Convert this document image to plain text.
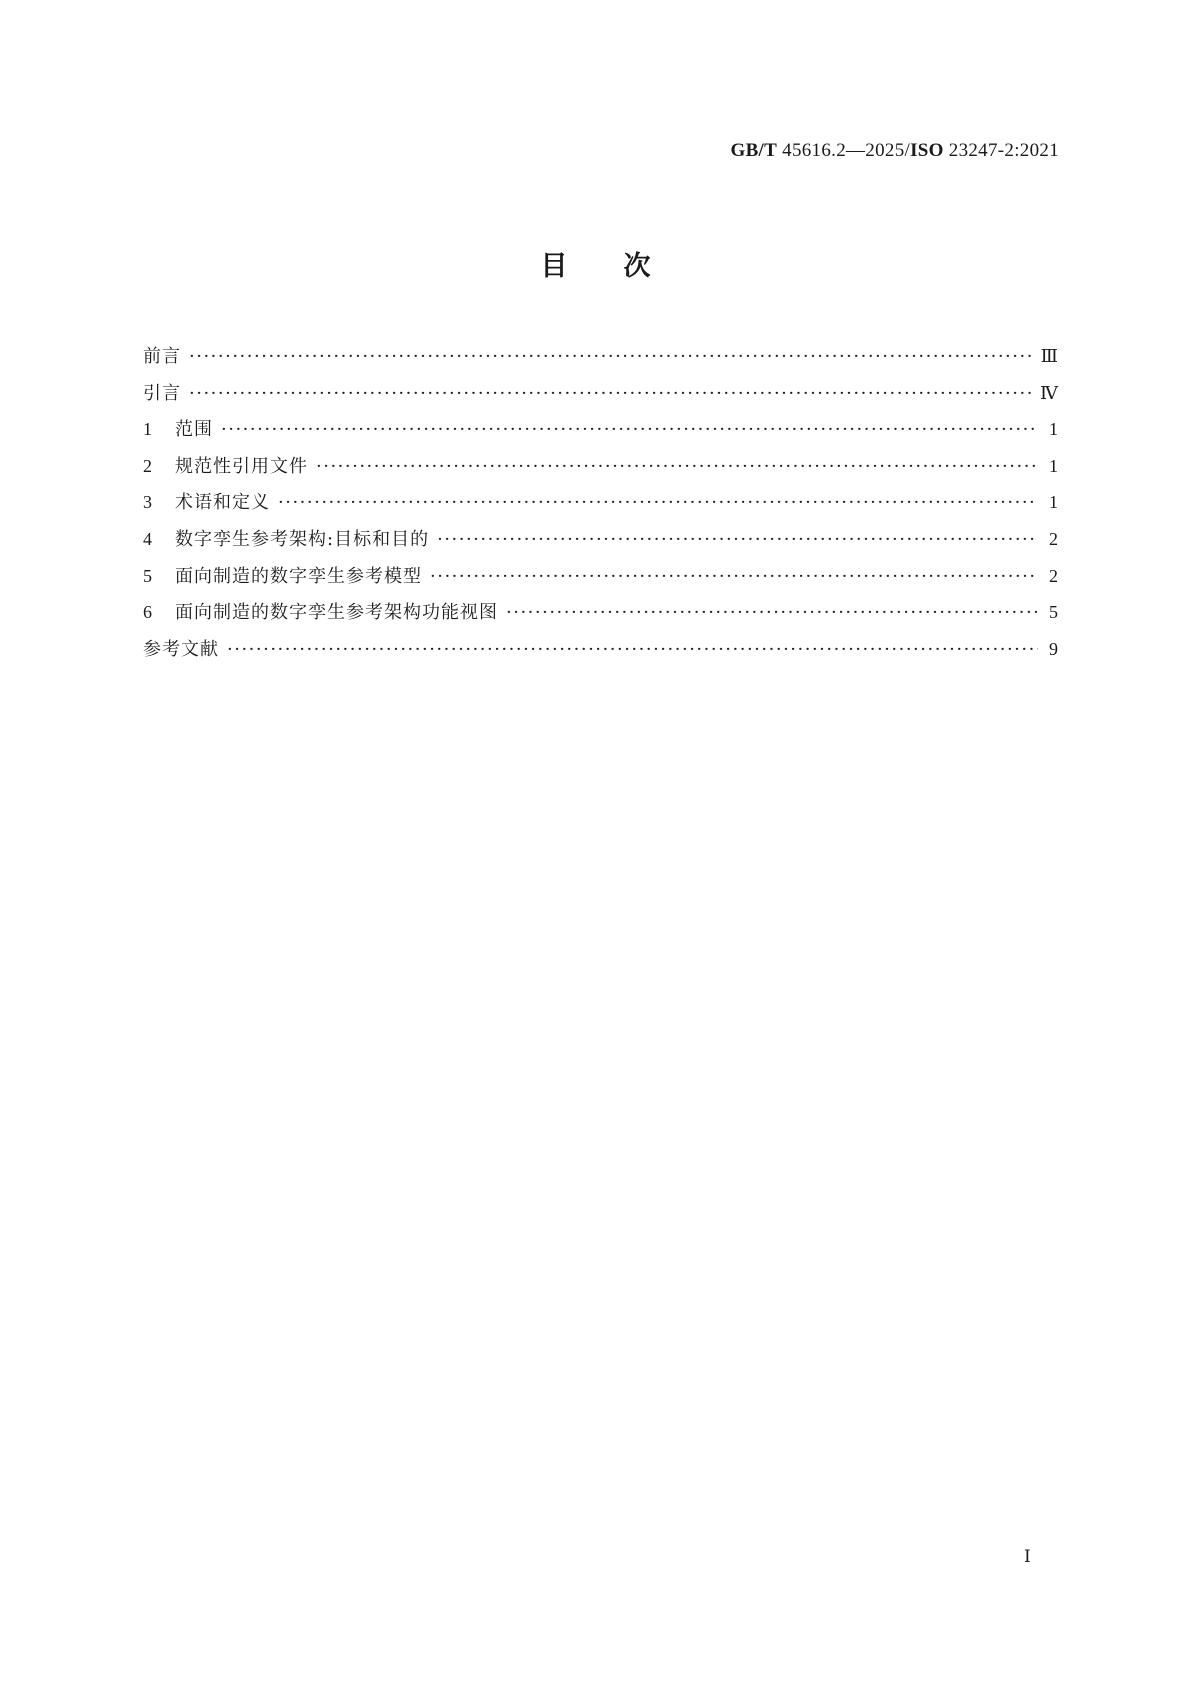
GB/T 45616.2—2025/ISO 23247-2:2021
目次
前言 ·····	Ⅲ
引言 ·····	Ⅳ
1	范围 ·····	1
2	规范性引用文件 ·····	1
3	术语和定义 ·····	1
4	数字孪生参考架构:目标和目的 ·····	2
5	面向制造的数字孪生参考模型 ·····	2
6	面向制造的数字孪生参考架构功能视图 ·····	5
参考文献 ·····	9
Ⅰ
